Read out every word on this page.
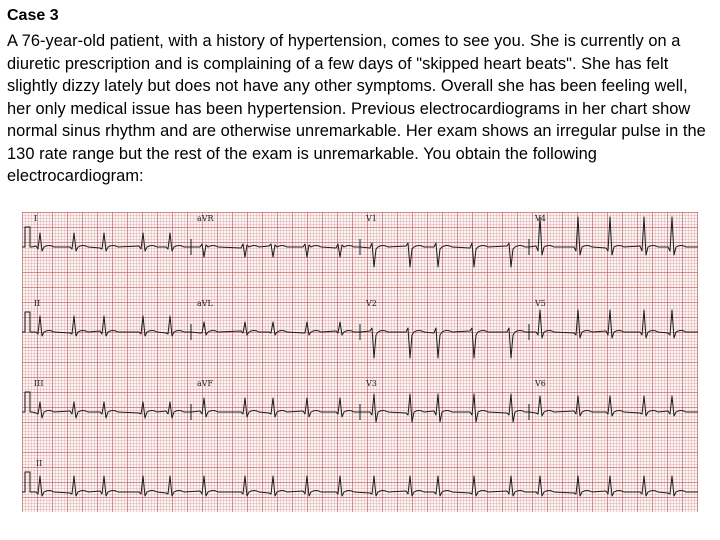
Case 3

A 76-year-old patient, with a history of hypertension, comes to see you. She is currently on a diuretic prescription and is complaining of a few days of "skipped heart beats". She has felt slightly dizzy lately but does not have any other symptoms. Overall she has been feeling well, her only medical issue has been hypertension. Previous electrocardiograms in her chart show normal sinus rhythm and are otherwise unremarkable. Her exam shows an irregular pulse in the 130 rate range but the rest of the exam is unremarkable. You obtain the following electrocardiogram:

I	aVR	V1	V4
II	aVL	V2	V5
III	aVF	V3	V6
II
